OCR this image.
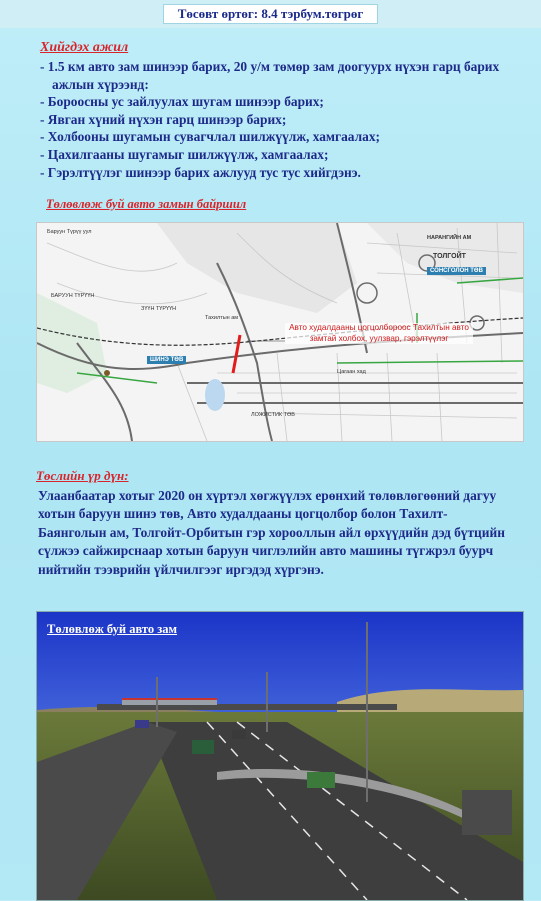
Төсөвт өртөг: 8.4 тэрбум.төгрөг
Хийгдэх ажил
- 1.5 км авто зам шинээр барих, 20 у/м төмөр зам доогуурх нүхэн гарц барих ажлын хүрээнд:
- Бороосны ус зайлуулах шугам шинээр барих;
- Явган хүний нүхэн гарц шинээр барих;
- Холбооны шугамын сувагчлал шилжүүлж, хамгаалах;
- Цахилгааны шугамыг шилжүүлж, хамгаалах;
- Гэрэлтүүлэг шинээр барих ажлууд тус тус хийгдэнэ.
Төлөвлөж буй авто замын байршил
Баруун Түрүү уул
БАРУУН ТҮРҮҮН
ЗҮҮН ТҮРҮҮН
Тахилтын ам
НАРАНГИЙН АМ
ТОЛГОЙТ
Цагаан хад
ЛОЖИСТИК ТӨВ
ШИНЭ ТӨВ
СОНСГОЛОН ТӨВ
Авто худалдааны цогцолбороос Тахилтын авто замтай холбох, уулзвар, гэрэлтүүлэг
Төслийн үр дүн:
Улаанбаатар хотыг 2020 он хүртэл хөгжүүлэх ерөнхий төлөвлөгөөний дагуу хотын баруун шинэ төв, Авто худалдааны цогцолбор болон Тахилт-Баянголын ам, Толгойт-Орбитын гэр хорооллын айл өрхүүдийн дэд бүтцийн сүлжээ сайжирснаар хотын баруун чиглэлийн авто машины түгжрэл буурч нийтийн тээврийн үйлчилгээг иргэдэд хүргэнэ.
Төлөвлөж буй авто зам
